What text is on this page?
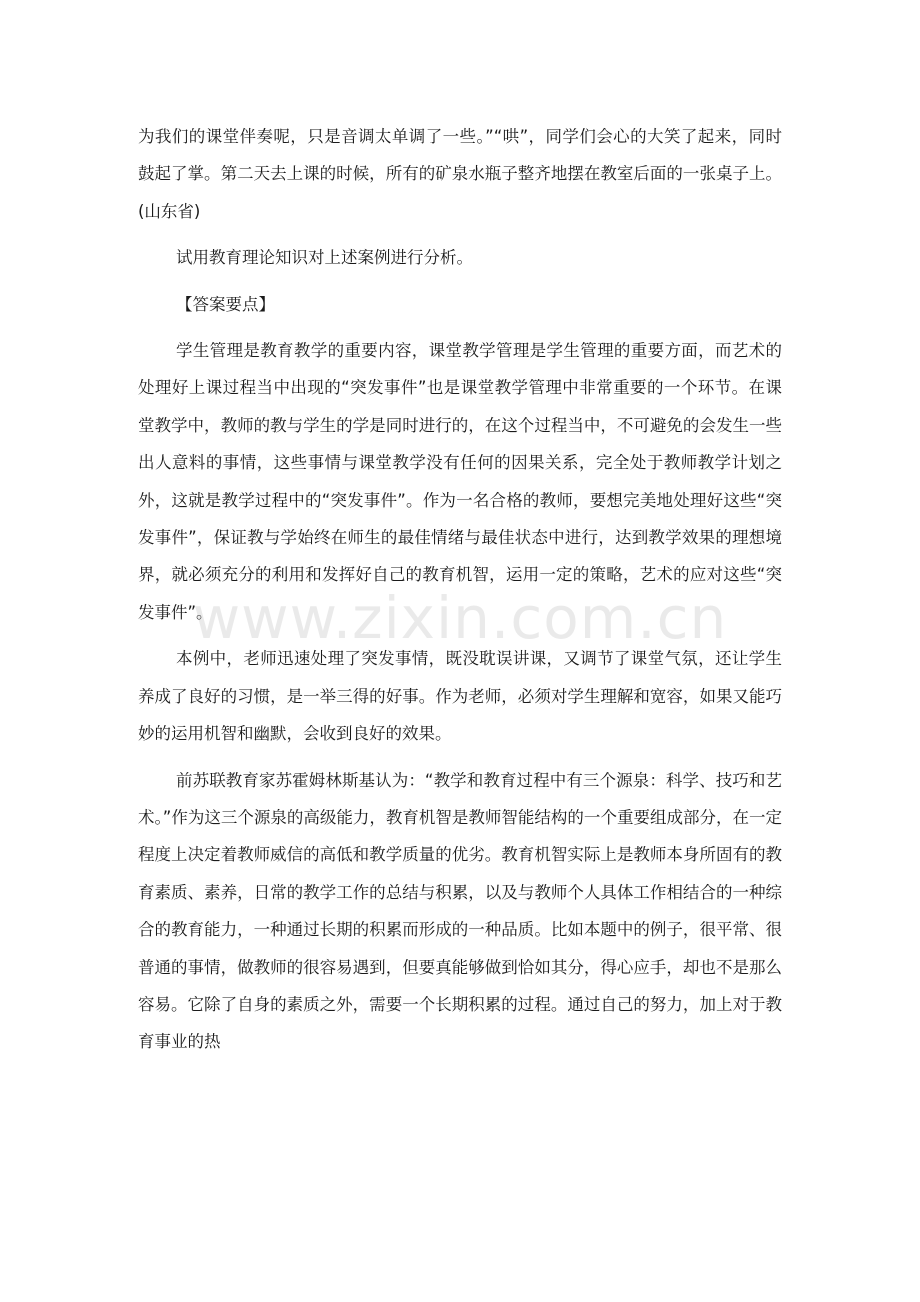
为我们的课堂伴奏呢，只是音调太单调了一些。”“哄”，同学们会心的大笑了起来，同时鼓起了掌。第二天去上课的时候，所有的矿泉水瓶子整齐地摆在教室后面的一张桌子上。(山东省)

试用教育理论知识对上述案例进行分析。

【答案要点】

学生管理是教育教学的重要内容，课堂教学管理是学生管理的重要方面，而艺术的处理好上课过程当中出现的“突发事件”也是课堂教学管理中非常重要的一个环节。在课堂教学中，教师的教与学生的学是同时进行的，在这个过程当中，不可避免的会发生一些出人意料的事情，这些事情与课堂教学没有任何的因果关系，完全处于教师教学计划之外，这就是教学过程中的“突发事件”。作为一名合格的教师，要想完美地处理好这些“突发事件”，保证教与学始终在师生的最佳情绪与最佳状态中进行，达到教学效果的理想境界，就必须充分的利用和发挥好自己的教育机智，运用一定的策略，艺术的应对这些“突发事件”。

本例中，老师迅速处理了突发事情，既没耽误讲课，又调节了课堂气氛，还让学生养成了良好的习惯，是一举三得的好事。作为老师，必须对学生理解和宽容，如果又能巧妙的运用机智和幽默，会收到良好的效果。

前苏联教育家苏霍姆林斯基认为：“教学和教育过程中有三个源泉：科学、技巧和艺术。”作为这三个源泉的高级能力，教育机智是教师智能结构的一个重要组成部分，在一定程度上决定着教师威信的高低和教学质量的优劣。教育机智实际上是教师本身所固有的教育素质、素养，日常的教学工作的总结与积累，以及与教师个人具体工作相结合的一种综合的教育能力，一种通过长期的积累而形成的一种品质。比如本题中的例子，很平常、很普通的事情，做教师的很容易遇到，但要真能够做到恰如其分，得心应手，却也不是那么容易。它除了自身的素质之外，需要一个长期积累的过程。通过自己的努力，加上对于教育事业的热

www.zixin.com.cn
